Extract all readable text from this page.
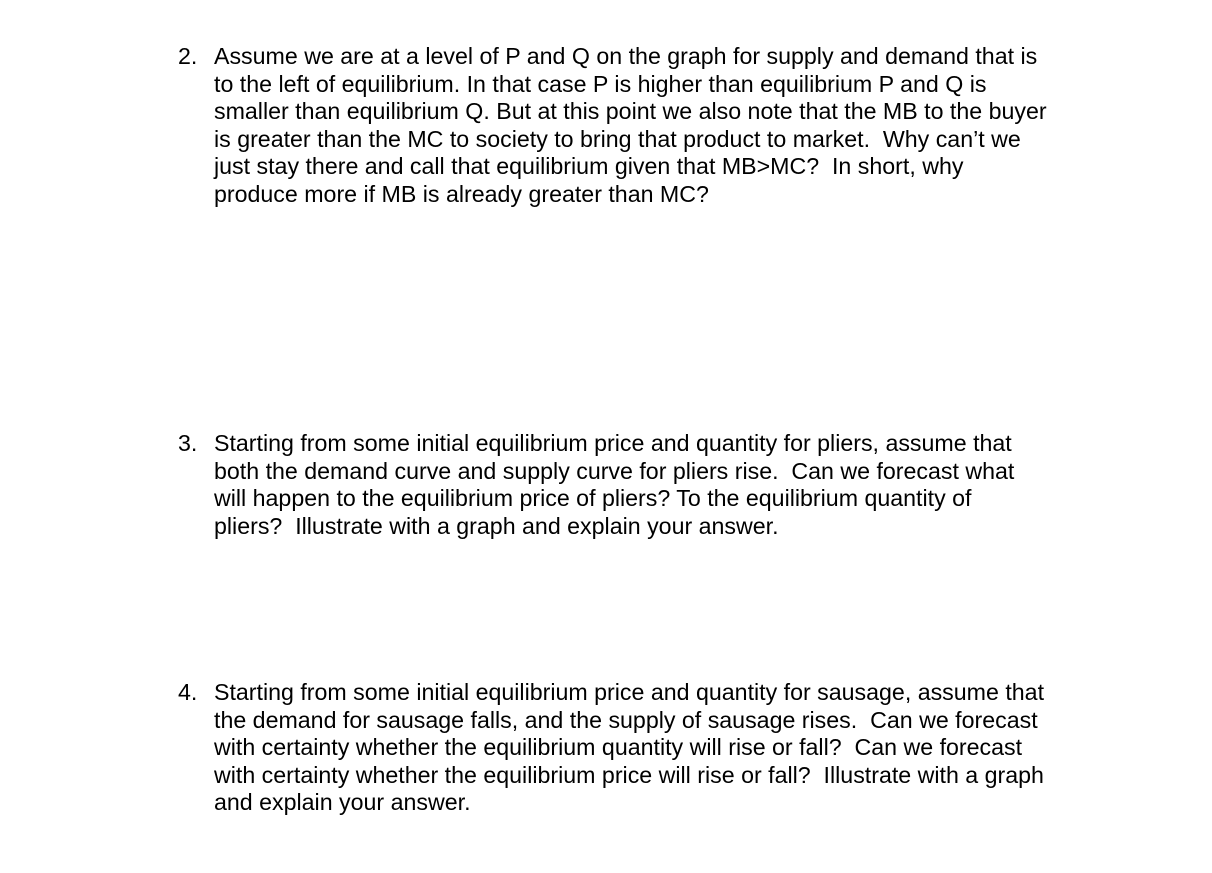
2. Assume we are at a level of P and Q on the graph for supply and demand that is
to the left of equilibrium. In that case P is higher than equilibrium P and Q is
smaller than equilibrium Q. But at this point we also note that the MB to the buyer
is greater than the MC to society to bring that product to market.  Why can’t we
just stay there and call that equilibrium given that MB>MC?  In short, why
produce more if MB is already greater than MC?
3. Starting from some initial equilibrium price and quantity for pliers, assume that
both the demand curve and supply curve for pliers rise.  Can we forecast what
will happen to the equilibrium price of pliers? To the equilibrium quantity of
pliers?  Illustrate with a graph and explain your answer.
4. Starting from some initial equilibrium price and quantity for sausage, assume that
the demand for sausage falls, and the supply of sausage rises.  Can we forecast
with certainty whether the equilibrium quantity will rise or fall?  Can we forecast
with certainty whether the equilibrium price will rise or fall?  Illustrate with a graph
and explain your answer.
